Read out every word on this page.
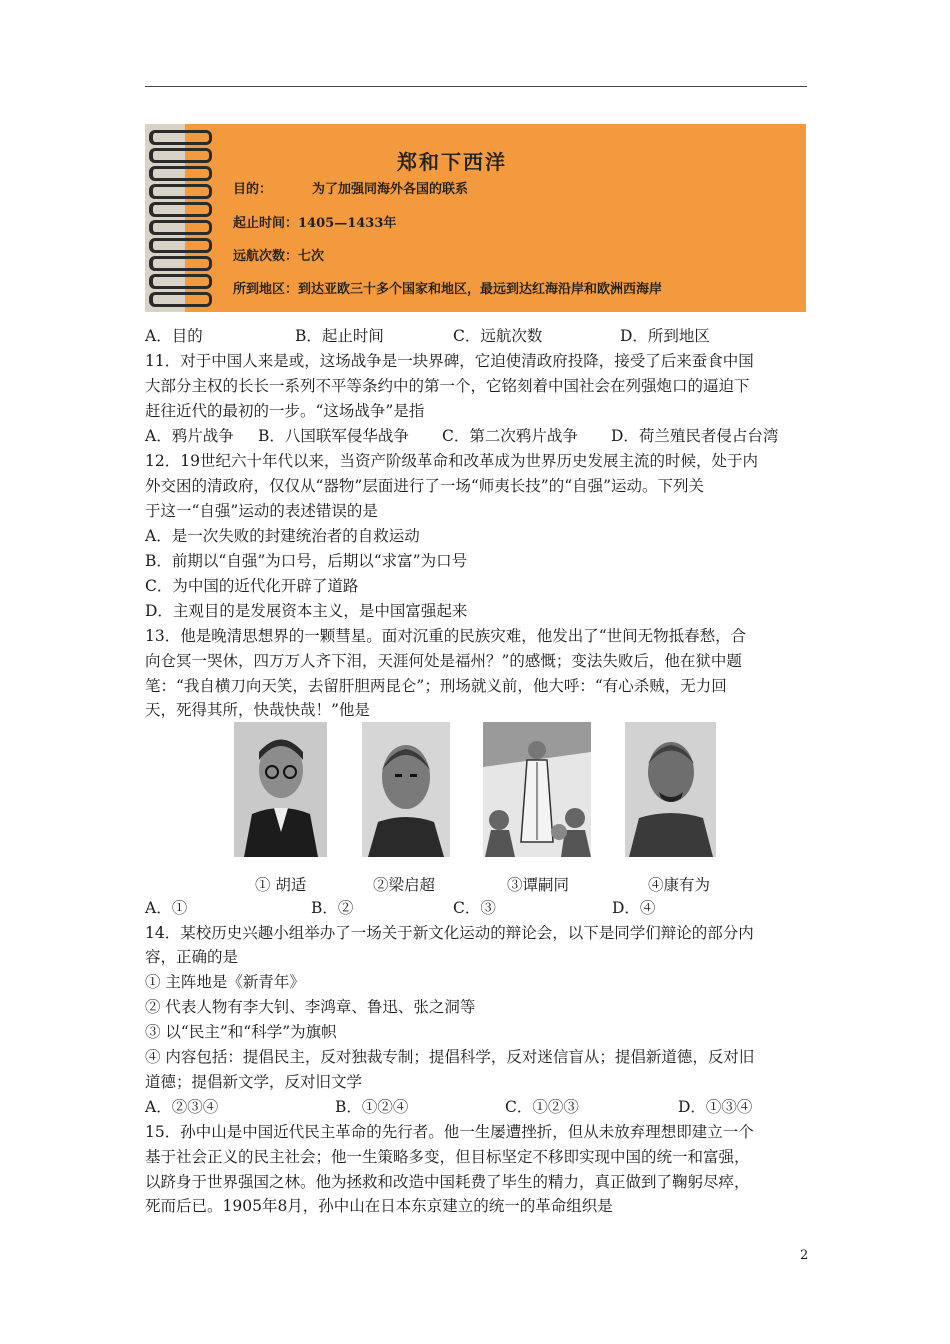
郑和下西洋
目的：	为了加强同海外各国的联系
起止时间：1405—1433年
远航次数：七次
所到地区：到达亚欧三十多个国家和地区，最远到达红海沿岸和欧洲西海岸
A．目的	B．起止时间	C．远航次数	D．所到地区
11．对于中国人来是或，这场战争是一块界碑，它迫使清政府投降，接受了后来蚕食中国
大部分主权的长长一系列不平等条约中的第一个，它铭刻着中国社会在列强炮口的逼迫下
赶往近代的最初的一步。“这场战争”是指
A．鸦片战争 B．八国联军侵华战争 C．第二次鸦片战争 D．荷兰殖民者侵占台湾
12．19世纪六十年代以来，当资产阶级革命和改革成为世界历史发展主流的时候，处于内
外交困的清政府，仅仅从“器物”层面进行了一场“师夷长技”的“自强”运动。下列关
于这一“自强”运动的表述错误的是
A．是一次失败的封建统治者的自救运动
B．前期以“自强”为口号，后期以“求富”为口号
C．为中国的近代化开辟了道路
D．主观目的是发展资本主义，是中国富强起来
13．他是晚清思想界的一颗彗星。面对沉重的民族灾难，他发出了“世间无物抵春愁，合
向仓冥一哭休，四万万人齐下泪，天涯何处是福州？”的感慨；变法失败后，他在狱中题
笔：“我自横刀向天笑，去留肝胆两昆仑”；刑场就义前，他大呼：“有心杀贼，无力回
天，死得其所，快哉快哉！”他是
① 胡适	②梁启超	③谭嗣同	④康有为
A．①	B．②	C．③	D．④
14．某校历史兴趣小组举办了一场关于新文化运动的辩论会，以下是同学们辩论的部分内
容，正确的是
① 主阵地是《新青年》
② 代表人物有李大钊、李鸿章、鲁迅、张之洞等
③ 以“民主”和“科学”为旗帜
④ 内容包括：提倡民主，反对独裁专制；提倡科学，反对迷信盲从；提倡新道德，反对旧
道德；提倡新文学，反对旧文学
A．②③④	B．①②④	C．①②③	D．①③④
15．孙中山是中国近代民主革命的先行者。他一生屡遭挫折，但从未放弃理想即建立一个
基于社会正义的民主社会；他一生策略多变，但目标坚定不移即实现中国的统一和富强，
以跻身于世界强国之林。他为拯救和改造中国耗费了毕生的精力，真正做到了鞠躬尽瘁，
死而后已。1905年8月，孙中山在日本东京建立的统一的革命组织是
2
